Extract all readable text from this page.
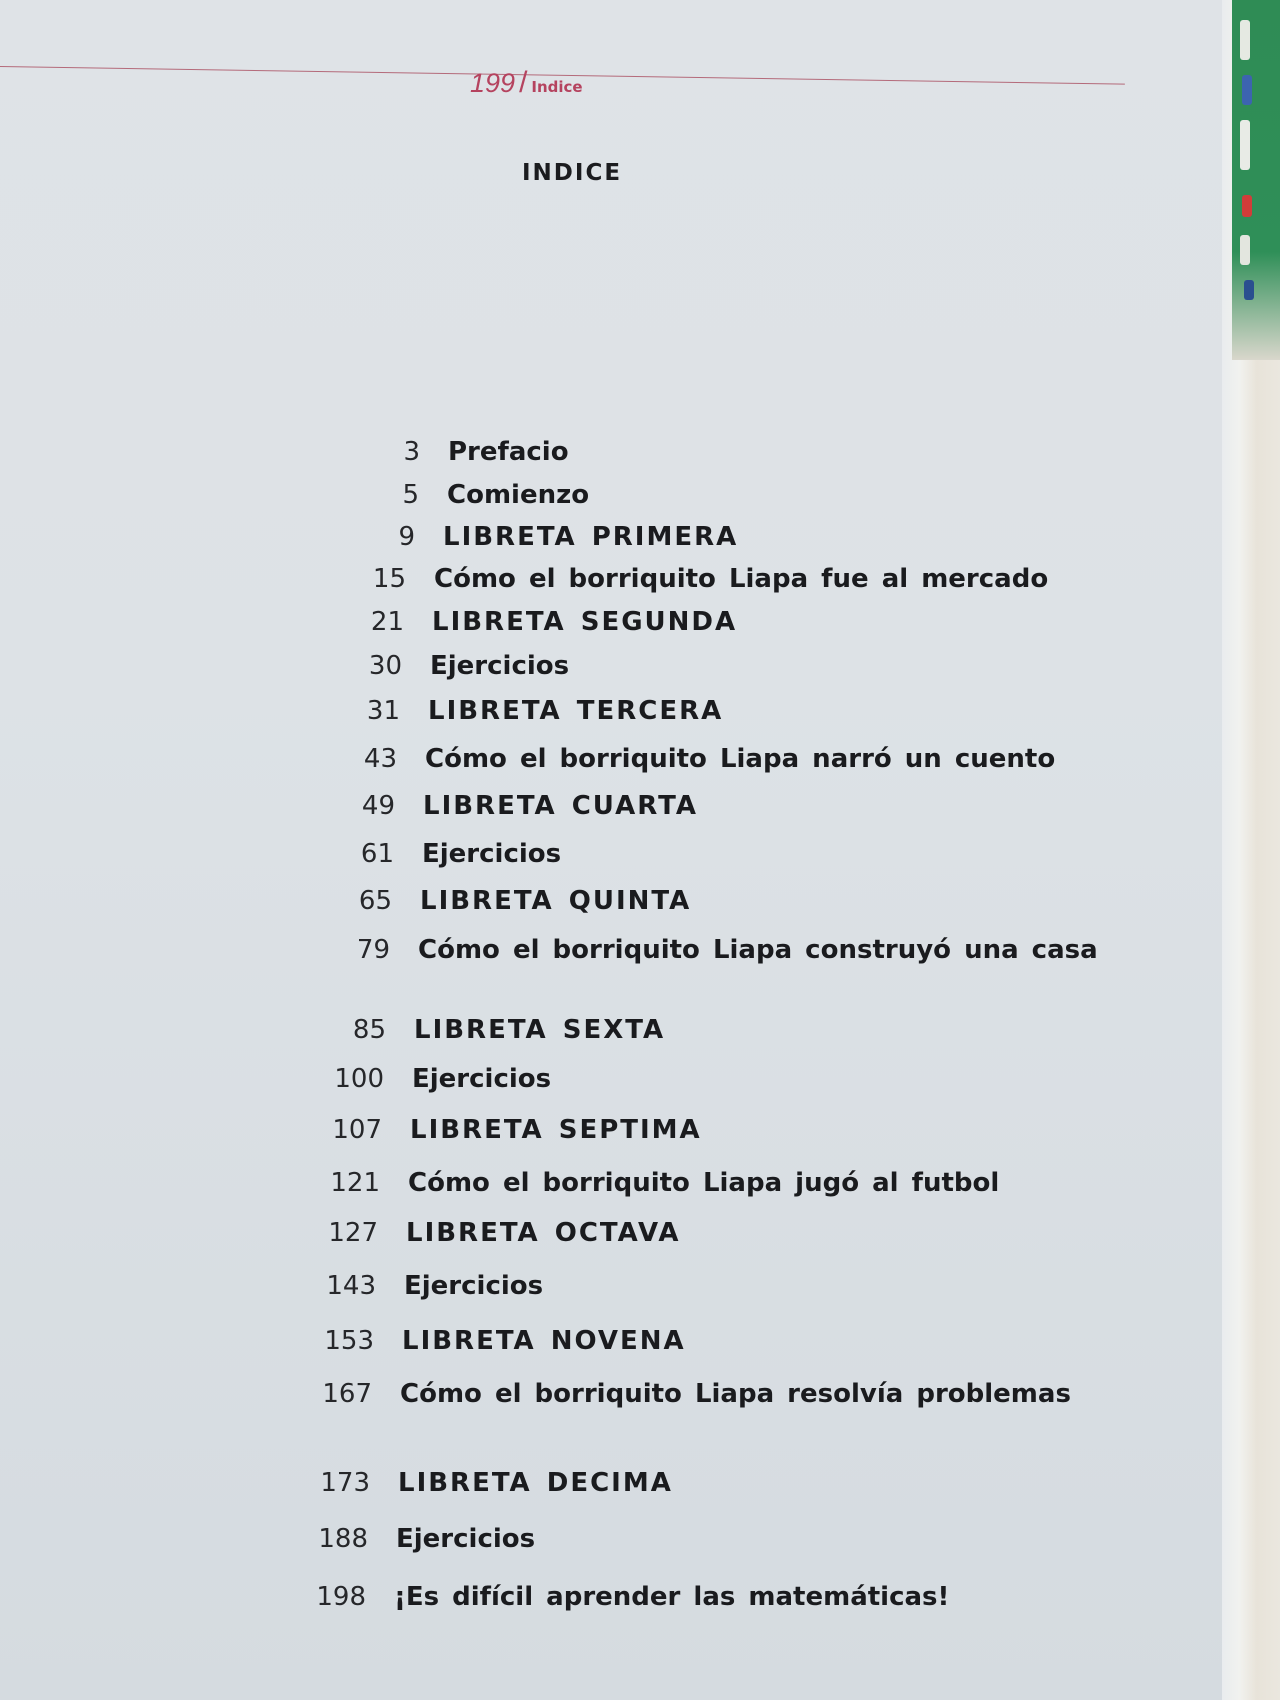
199 / Indice
INDICE
3 Prefacio
5 Comienzo
9 LIBRETA PRIMERA
15 Cómo el borriquito Liapa fue al mercado
21 LIBRETA SEGUNDA
30 Ejercicios
31 LIBRETA TERCERA
43 Cómo el borriquito Liapa narró un cuento
49 LIBRETA CUARTA
61 Ejercicios
65 LIBRETA QUINTA
79 Cómo el borriquito Liapa construyó una casa
85 LIBRETA SEXTA
100 Ejercicios
107 LIBRETA SEPTIMA
121 Cómo el borriquito Liapa jugó al futbol
127 LIBRETA OCTAVA
143 Ejercicios
153 LIBRETA NOVENA
167 Cómo el borriquito Liapa resolvía problemas
173 LIBRETA DECIMA
188 Ejercicios
198 ¡Es difícil aprender las matemáticas!
